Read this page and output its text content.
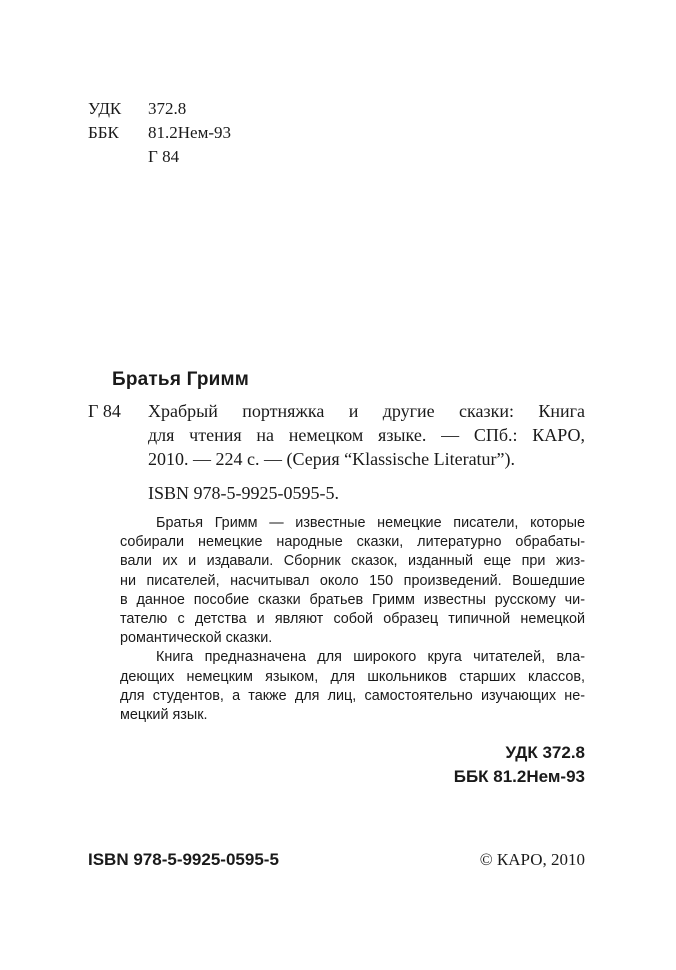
УДК 372.8
ББК 81.2Нем-93
Г 84
Братья Гримм
Г 84 Храбрый портняжка и другие сказки: Книга
для чтения на немецком языке. — СПб.: КАРО,
2010. — 224 с. — (Серия “Klassische Literatur”).
ISBN 978-5-9925-0595-5.
Братья Гримм — известные немецкие писатели, которые
собирали немецкие народные сказки, литературно обрабаты-
вали их и издавали. Сборник сказок, изданный еще при жиз-
ни писателей, насчитывал около 150 произведений. Вошедшие
в данное пособие сказки братьев Гримм известны русскому чи-
тателю с детства и являют собой образец типичной немецкой
романтической сказки.
Книга предназначена для широкого круга читателей, вла-
деющих немецким языком, для школьников старших классов,
для студентов, а также для лиц, самостоятельно изучающих не-
мецкий язык.
УДК 372.8
ББК 81.2Нем-93
ISBN 978-5-9925-0595-5	© КАРО, 2010
